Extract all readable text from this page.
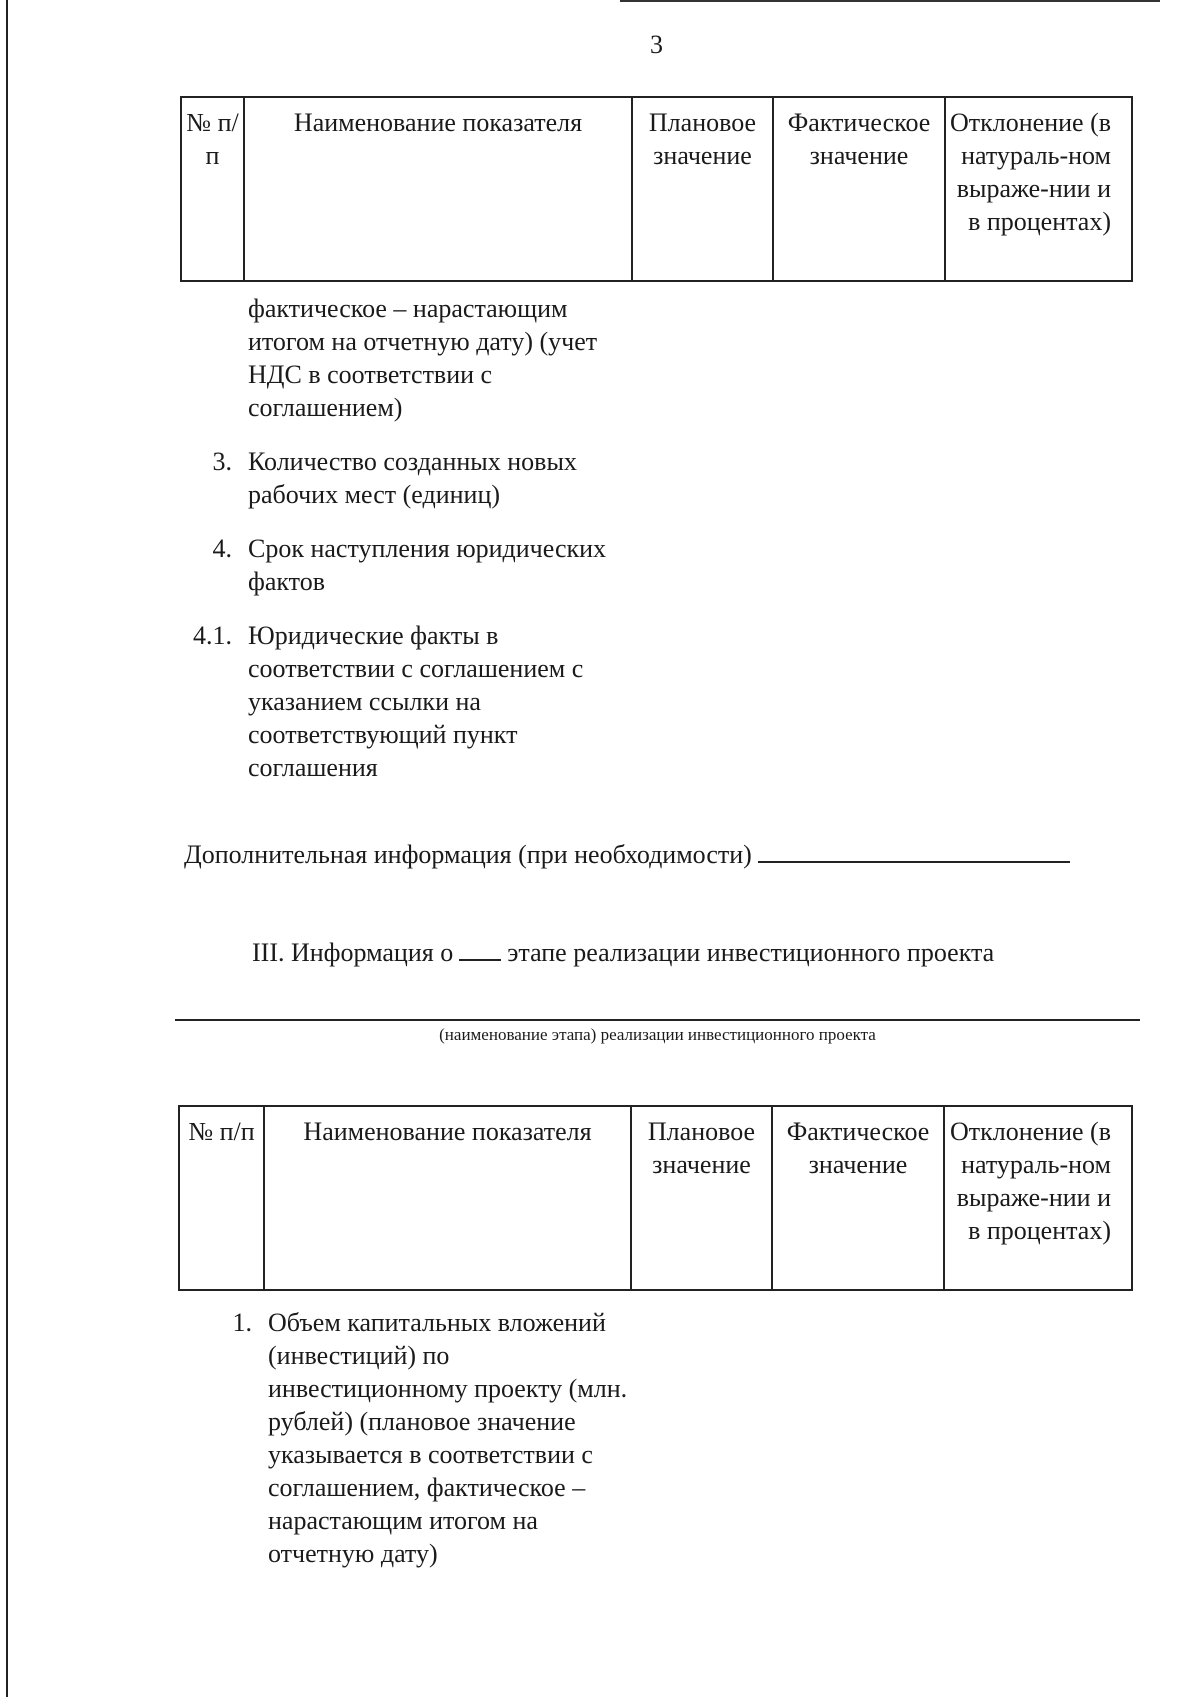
3
№ п/п	Наименование показателя	Плановое значение	Фактическое значение	Отклонение (в натураль-ном выраже-нии и в процентах)
фактическое – нарастающим итогом на отчетную дату) (учет НДС в соответствии с соглашением)
3. Количество созданных новых рабочих мест (единиц)
4. Срок наступления юридических фактов
4.1. Юридические факты в соответствии с соглашением с указанием ссылки на соответствующий пункт соглашения
Дополнительная информация (при необходимости)
III. Информация о этапе реализации инвестиционного проекта
(наименование этапа) реализации инвестиционного проекта
№ п/п	Наименование показателя	Плановое значение	Фактическое значение	Отклонение (в натураль-ном выраже-нии и в процентах)
1. Объем капитальных вложений (инвестиций) по инвестиционному проекту (млн. рублей) (плановое значение указывается в соответствии с соглашением, фактическое – нарастающим итогом на отчетную дату)
